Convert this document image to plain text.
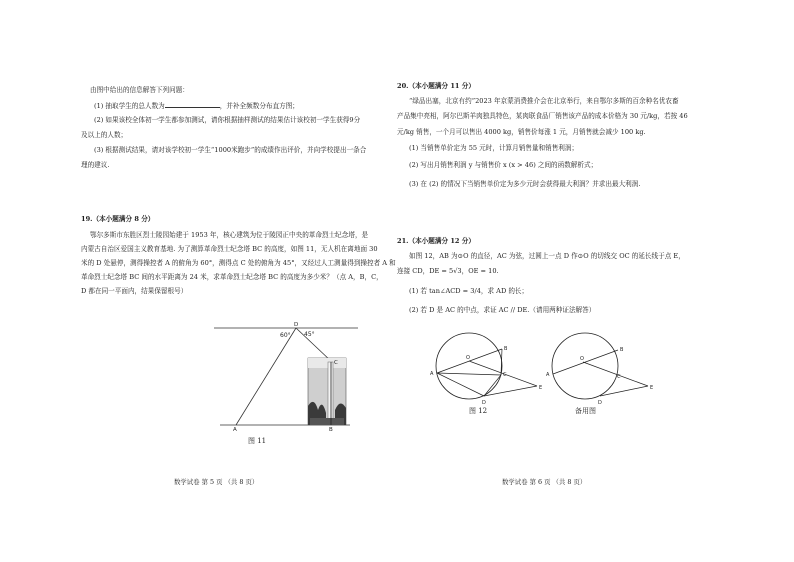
由图中给出的信息解答下列问题：
(1) 抽取学生的总人数为	，并补全频数分布直方图；
(2) 如果该校全体初一学生都参加测试，请你根据抽样测试的结果估计该校初一学生获得9分
及以上的人数；
(3) 根据测试结果，请对该学校初一学生“1000米跑步”的成绩作出评价，并向学校提出一条合
理的建议.
19.（本小题满分 8 分）
鄂尔多斯市东胜区烈士陵园始建于 1953 年，核心建筑为位于陵园正中央的革命烈士纪念塔，是
内蒙古自治区爱国主义教育基地. 为了测算革命烈士纪念塔 BC 的高度，如图 11，无人机在离地面 30
米的 D 处悬停，测得操控者 A 的俯角为 60°，测得点 C 处的俯角为 45°，又经过人工测量得到操控者 A 和
革命烈士纪念塔 BC 间的水平距离为 24 米，求革命烈士纪念塔 BC 的高度为多少米？（点 A，B，C，
D 都在同一平面内，结果保留根号）
D
60° 45°
C
A	B
图 11
数学试卷 第 5 页 （共 8 页）
20.（本小题满分 11 分）
“绿品出塞，北京有约”2023 年京蒙消费推介会在北京举行，来自鄂尔多斯的百余种名优农畜
产品集中亮相，阿尔巴斯羊肉独具特色，某肉联食品厂销售该产品的成本价格为 30 元/kg，若按 46
元/kg 销售，一个月可以售出 4000 kg，销售价每涨 1 元，月销售就会减少 100 kg.
(1) 当销售单价定为 55 元时，计算月销售量和销售利润；
(2) 写出月销售利润 y 与销售价 x (x > 46) 之间的函数解析式；
(3) 在 (2) 的情况下当销售单价定为多少元时会获得最大利润？并求出最大利润.
21.（本小题满分 12 分）
如图 12，AB 为⊙O 的直径，AC 为弦，过圆上一点 D 作⊙O 的切线交 OC 的延长线于点 E，
连接 CD，DE = 5√3，OE = 10.
(1) 若 tan∠ACD = 3/4，求 AD 的长；
(2) 若 D 是 AC 的中点，求证 AC // DE.（请用两种证法解答）
O
A
B
C
D
E
图 12
O
A
B
C
D
E
备用图
数学试卷 第 6 页 （共 8 页）
